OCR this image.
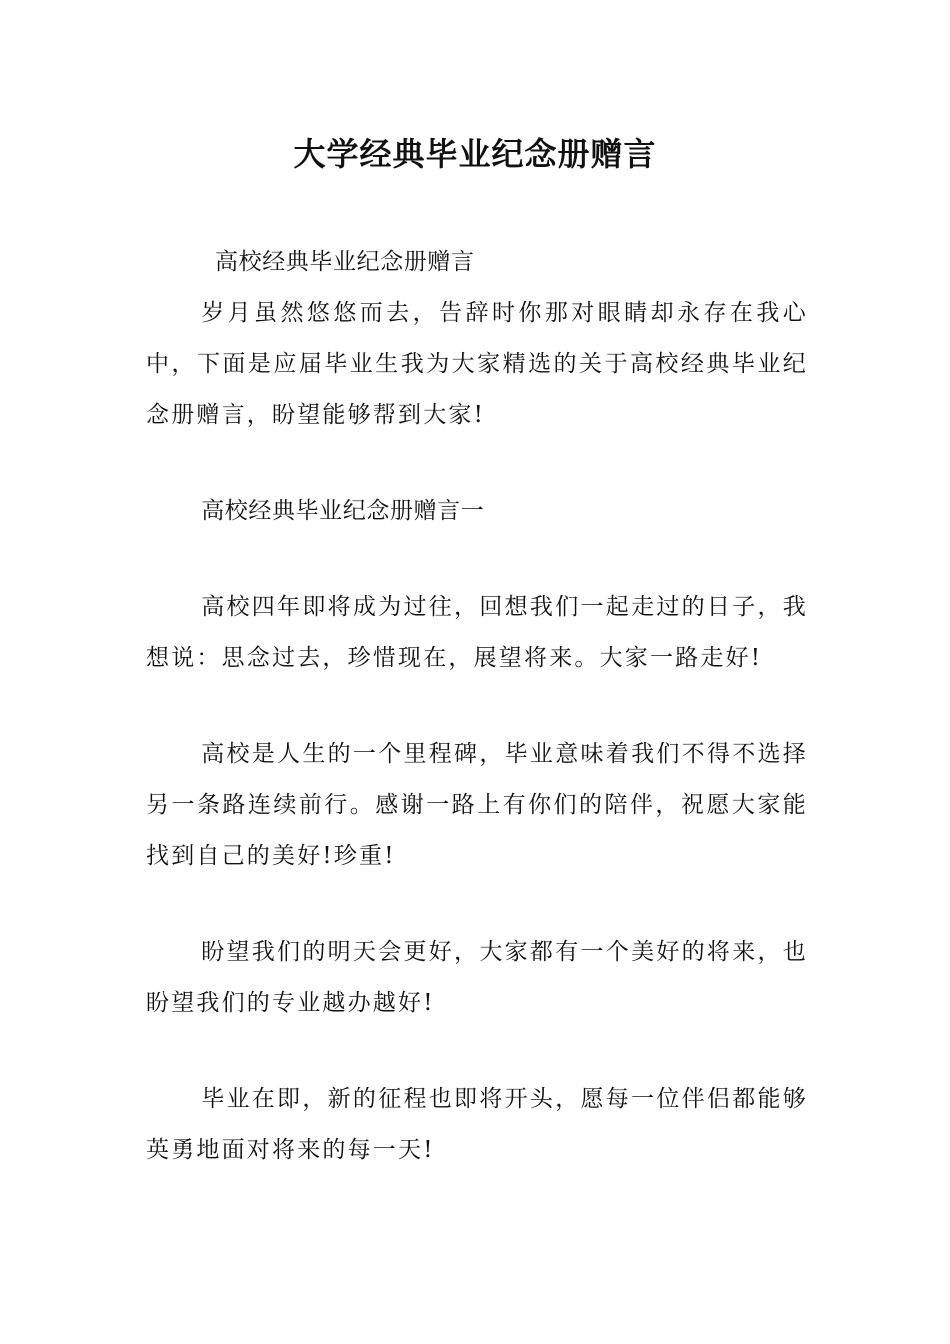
大学经典毕业纪念册赠言

高校经典毕业纪念册赠言

岁月虽然悠悠而去，告辞时你那对眼睛却永存在我心中，下面是应届毕业生我为大家精选的关于高校经典毕业纪念册赠言，盼望能够帮到大家!

高校经典毕业纪念册赠言一

高校四年即将成为过往，回想我们一起走过的日子，我想说：思念过去，珍惜现在，展望将来。大家一路走好!

高校是人生的一个里程碑，毕业意味着我们不得不选择另一条路连续前行。感谢一路上有你们的陪伴，祝愿大家能找到自己的美好!珍重!

盼望我们的明天会更好，大家都有一个美好的将来，也盼望我们的专业越办越好!

毕业在即，新的征程也即将开头，愿每一位伴侣都能够英勇地面对将来的每一天!
